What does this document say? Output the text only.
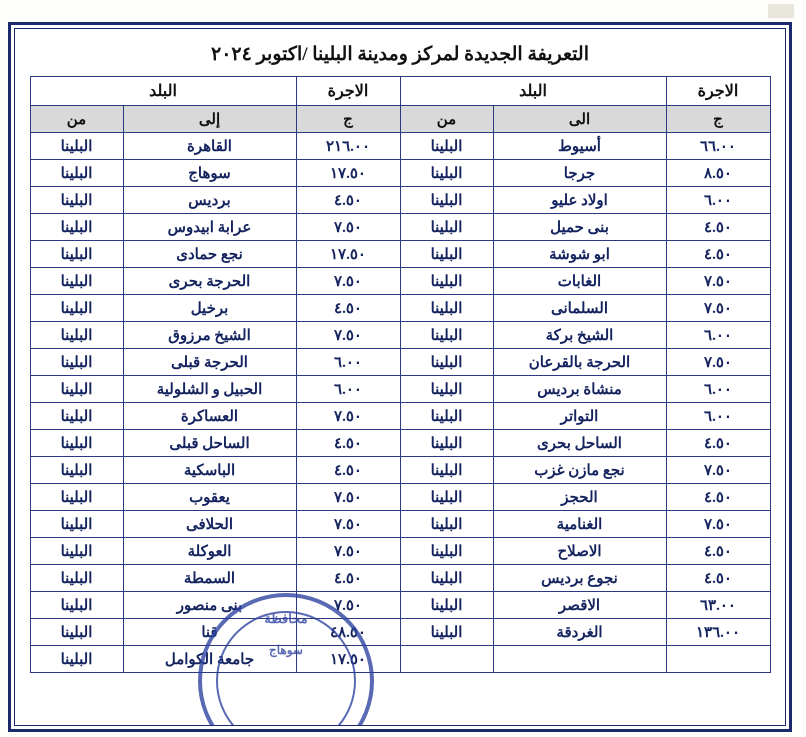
التعريفة الجديدة لمركز ومدينة البلينا /اكتوبر ٢٠٢٤
الاجرة	البلد		الاجرة	البلد	
ج	الى	من	ج	إلى	من
٦٦.٠٠	أسيوط	البلينا	٢١٦.٠٠	القاهرة	البلينا
٨.٥٠	جرجا	البلينا	١٧.٥٠	سوهاج	البلينا
٦.٠٠	اولاد عليو	البلينا	٤.٥٠	برديس	البلينا
٤.٥٠	بنى حميل	البلينا	٧.٥٠	عرابة ابيدوس	البلينا
٤.٥٠	ابو شوشة	البلينا	١٧.٥٠	نجع حمادى	البلينا
٧.٥٠	الغابات	البلينا	٧.٥٠	الحرجة بحرى	البلينا
٧.٥٠	السلمانى	البلينا	٤.٥٠	برخيل	البلينا
٦.٠٠	الشيخ بركة	البلينا	٧.٥٠	الشيخ مرزوق	البلينا
٧.٥٠	الحرجة بالقرعان	البلينا	٦.٠٠	الحرجة قبلى	البلينا
٦.٠٠	منشاة برديس	البلينا	٦.٠٠	الحبيل و الشلولية	البلينا
٦.٠٠	التواتر	البلينا	٧.٥٠	العساكرة	البلينا
٤.٥٠	الساحل بحرى	البلينا	٤.٥٠	الساحل قبلى	البلينا
٧.٥٠	نجع مازن غزب	البلينا	٤.٥٠	الباسكية	البلينا
٤.٥٠	الحجز	البلينا	٧.٥٠	يعقوب	البلينا
٧.٥٠	الغنامية	البلينا	٧.٥٠	الحلافى	البلينا
٤.٥٠	الاصلاح	البلينا	٧.٥٠	العوكلة	البلينا
٤.٥٠	نجوع برديس	البلينا	٤.٥٠	السمطة	البلينا
٦٣.٠٠	الاقصر	البلينا	٧.٥٠	بنى منصور	البلينا
١٣٦.٠٠	الغردقة	البلينا	٤٨.٥٠	قنا	البلينا
			١٧.٥٠	جامعة الكوامل	البلينا
محافظة
سوهاج
